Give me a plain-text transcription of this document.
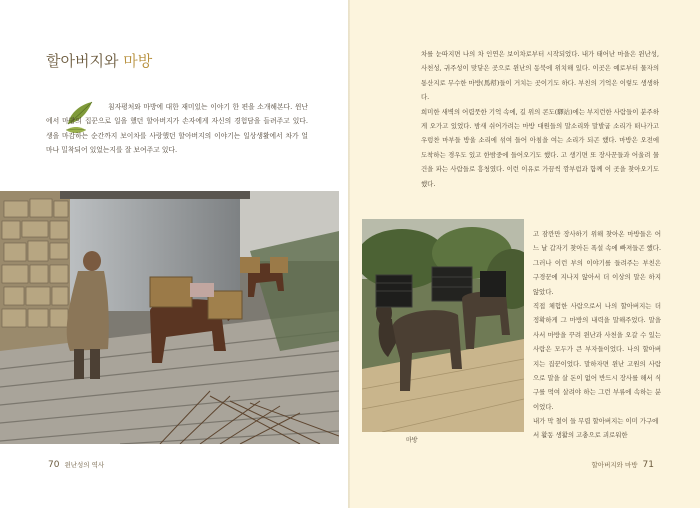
할아버지와 마방
침자평처와 마방에 대한 재미있는 이야기 한 편을 소개해본다. 윈난에서 마방의 집꾼으로 일을 했던 할아버지가 손자에게 자신의 경험담을 들려주고 있다. 생을 마감하는 순간까지 보이차를 사랑했던 할아버지의 이야기는 일상생활에서 차가 얼마나 밀착되어 있었는지를 잘 보여주고 있다.
70 윈난성의 역사

차를 눈따지면 나의 차 인연은 보이차로부터 시작되었다. 내가 태어난 마을은 윈난성, 사천성, 귀주성이 맞닿은 곳으로 윈난의 동북에 위치해 있다. 이곳은 예로부터 물자의 통산지로 무수한 마방(馬幇)들이 거치는 곳이기도 하다. 부친의 기억은 이렇도 생생하다.

희미한 새벽의 어렴풋한 기억 속에, 길 위의 콘도(驛站)에는 부지런한 사람들이 분주하게 오가고 있었다. 밤새 쉬어가려는 마방 대원들의 말소리와 말발굽 소리가 떠나가고 우렁찬 마부들 방울 소리에 섞여 들어 아침을 여는 소리가 되곤 했다. 마방은 오전에 도착하는 경우도 있고 한밤중에 들어오기도 했다. 고 생기면 또 장사꾼들과 어울려 물건을 파는 사람들로 흥청였다. 이런 이유로 가끔씩 깜부럼과 함께 이 곳을 찾아오기도 했다.

마방

고 잠깐만 장사하기 위해 찾아온 마방들은 어느 날 갑자기 찾아든 폭설 속에 빠져들곤 했다. 그러나 이런 부의 이야기를 들려주는 부친은 구경꾼에 지나지 않아서 더 이상의 말은 하지 않았다.

직접 체험한 사람으로서 나의 할아버지는 더 정확하게 그 마방의 내력을 말해주었다. 말을 사서 마방을 꾸려 윈난과 사천을 오갈 수 있는 사람은 모두가 큰 부자들이었다. 나의 할아버지는 집꾼이었다. 말하자면 윈난 고원의 사람으로 말을 살 돈이 없어 반드시 장사를 해서 식구를 먹여 살려야 하는 그런 부류에 속하는 분이었다.

내가 막 철이 들 무렵 할아버지는 이미 가구에서 활동 생활의 고충으로 괴로워한

할아버지와 마방 71
